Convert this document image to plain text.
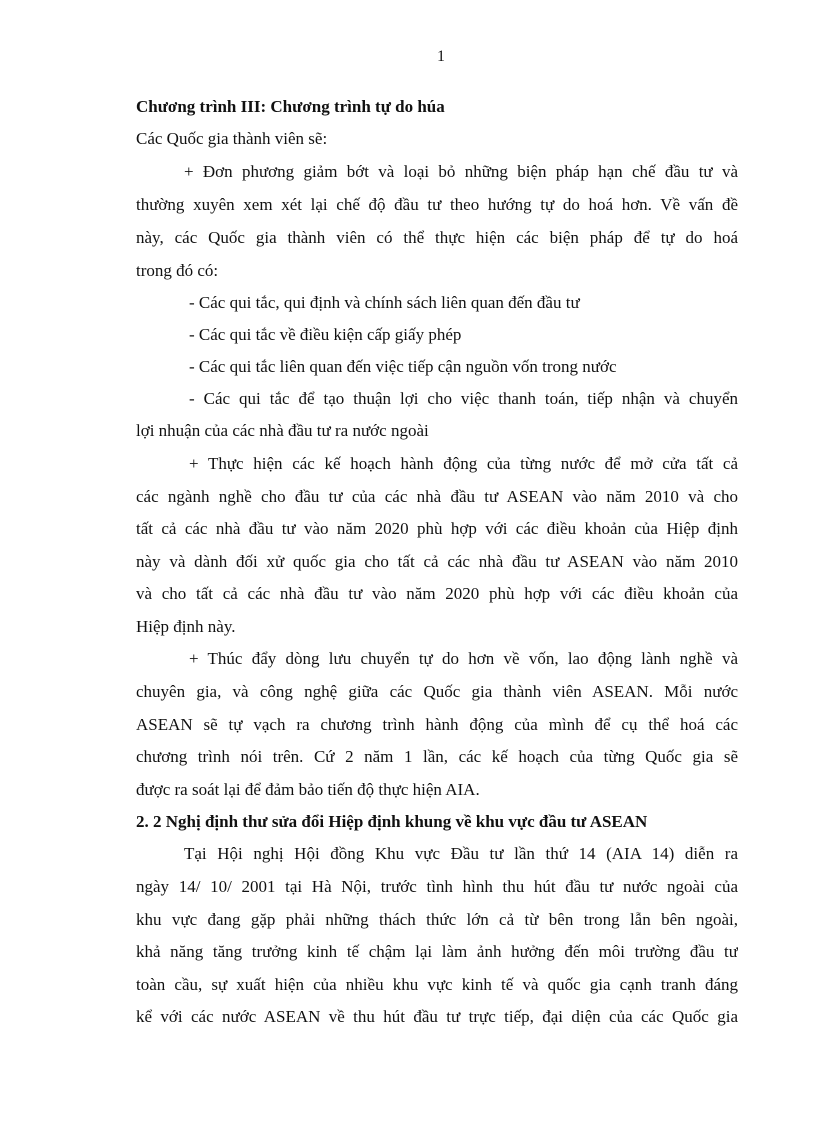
1
Chương trình III: Chương trình tự do húa
Các Quốc gia thành viên sẽ:
+ Đơn phương giảm bớt và loại bỏ những biện pháp hạn chế đầu tư và
thường xuyên xem xét lại chế độ đầu tư theo hướng tự do hoá hơn. Về vấn đề
này, các Quốc gia thành viên có thể thực hiện các biện pháp để tự do hoá
trong đó có:
- Các qui tắc, qui định và chính sách liên quan đến đầu tư
- Các qui tắc về điều kiện cấp giấy phép
- Các qui tắc liên quan đến việc tiếp cận nguồn vốn trong nước
- Các qui tắc để tạo thuận lợi cho việc thanh toán, tiếp nhận và chuyển
lợi nhuận của các nhà đầu tư ra nước ngoài
+ Thực hiện các kế hoạch hành động của từng nước để mở cửa tất cả
các ngành nghề cho đầu tư của các nhà đầu tư ASEAN vào năm 2010 và cho
tất cả các nhà đầu tư vào năm 2020 phù hợp với các điều khoản của Hiệp định
này và dành đối xử quốc gia cho tất cả các nhà đầu tư ASEAN vào năm 2010
và cho tất cả các nhà đầu tư vào năm 2020 phù hợp với các điều khoản của
Hiệp định này.
+ Thúc đẩy dòng lưu chuyển tự do hơn về vốn, lao động lành nghề và
chuyên gia, và công nghệ giữa các Quốc gia thành viên ASEAN. Mỗi nước
ASEAN sẽ tự vạch ra chương trình hành động của mình để cụ thể hoá các
chương trình nói trên. Cứ 2 năm 1 lần, các kế hoạch của từng Quốc gia sẽ
được ra soát lại để đảm bảo tiến độ thực hiện AIA.
2. 2 Nghị định thư sửa đổi Hiệp định khung về khu vực đầu tư ASEAN
Tại Hội nghị Hội đồng Khu vực Đầu tư lần thứ 14 (AIA 14) diễn ra
ngày 14/ 10/ 2001 tại Hà Nội, trước tình hình thu hút đầu tư nước ngoài của
khu vực đang gặp phải những thách thức lớn cả từ bên trong lẫn bên ngoài,
khả năng tăng trưởng kinh tế chậm lại làm ảnh hưởng đến môi trường đầu tư
toàn cầu, sự xuất hiện của nhiều khu vực kinh tế và quốc gia cạnh tranh đáng
kể với các nước ASEAN về thu hút đầu tư trực tiếp, đại diện của các Quốc gia
